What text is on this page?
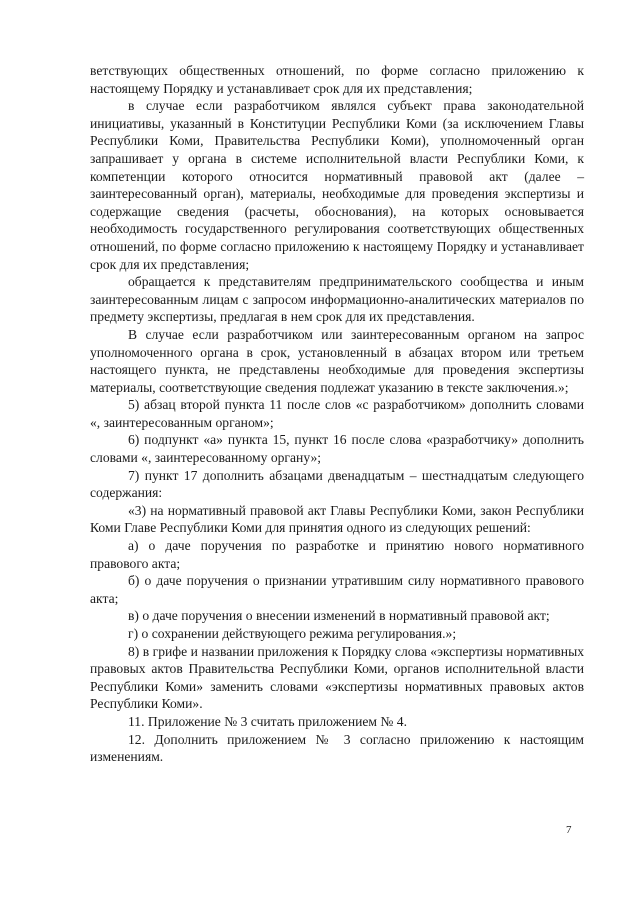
ветствующих общественных отношений, по форме согласно приложению к настоящему Порядку и устанавливает срок для их представления;

в случае если разработчиком являлся субъект права законодательной инициативы, указанный в Конституции Республики Коми (за исключением Главы Республики Коми, Правительства Республики Коми), уполномоченный орган запрашивает у органа в системе исполнительной власти Республики Коми, к компетенции которого относится нормативный правовой акт (далее – заинтересованный орган), материалы, необходимые для проведения экспертизы и содержащие сведения (расчеты, обоснования), на которых основывается необходимость государственного регулирования соответствующих общественных отношений, по форме согласно приложению к настоящему Порядку и устанавливает срок для их представления;

обращается к представителям предпринимательского сообщества и иным заинтересованным лицам с запросом информационно-аналитических материалов по предмету экспертизы, предлагая в нем срок для их представления.

В случае если разработчиком или заинтересованным органом на запрос уполномоченного органа в срок, установленный в абзацах втором или третьем настоящего пункта, не представлены необходимые для проведения экспертизы материалы, соответствующие сведения подлежат указанию в тексте заключения.»;

5) абзац второй пункта 11 после слов «с разработчиком» дополнить словами «, заинтересованным органом»;

6) подпункт «а» пункта 15, пункт 16 после слова «разработчику» дополнить словами «, заинтересованному органу»;

7) пункт 17 дополнить абзацами двенадцатым – шестнадцатым следующего содержания:

«3) на нормативный правовой акт Главы Республики Коми, закон Республики Коми Главе Республики Коми для принятия одного из следующих решений:

а) о даче поручения по разработке и принятию нового нормативного правового акта;

б) о даче поручения о признании утратившим силу нормативного правового акта;

в) о даче поручения о внесении изменений в нормативный правовой акт;

г) о сохранении действующего режима регулирования.»;

8) в грифе и названии приложения к Порядку слова «экспертизы нормативных правовых актов Правительства Республики Коми, органов исполнительной власти Республики Коми» заменить словами «экспертизы нормативных правовых актов Республики Коми».

11. Приложение № 3 считать приложением № 4.

12. Дополнить приложением № 3 согласно приложению к настоящим изменениям.

7
